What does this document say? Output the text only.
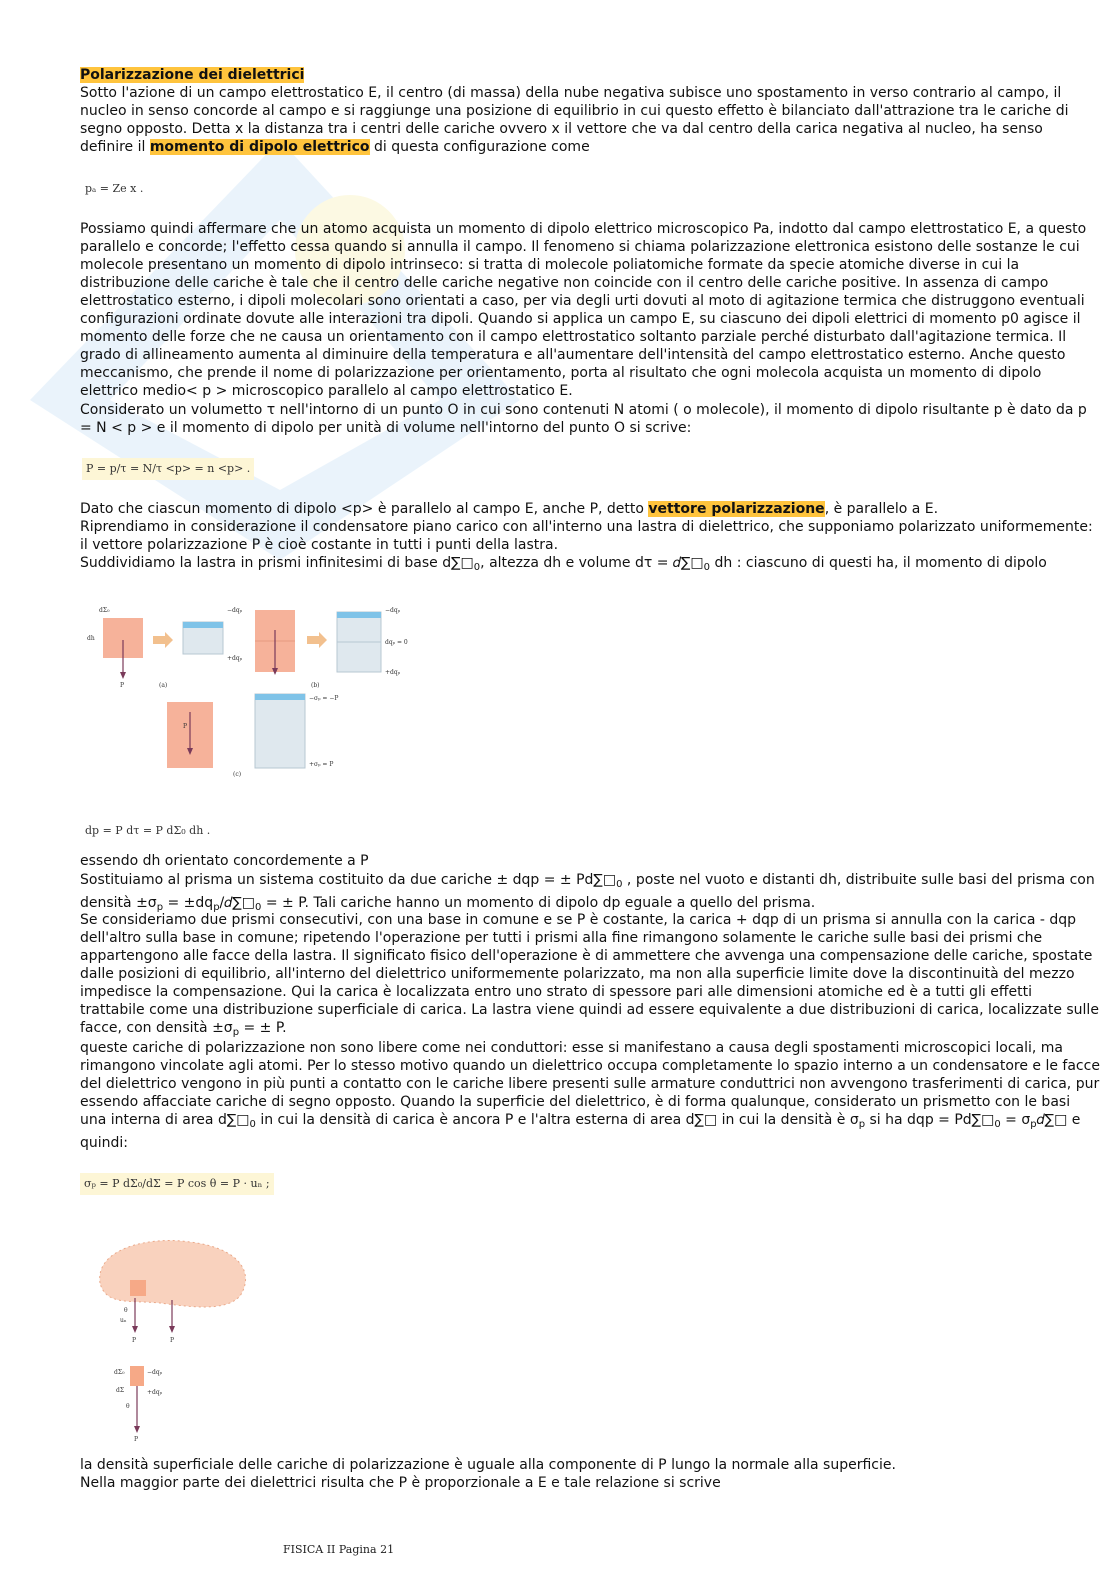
Polarizzazione dei dielettrici

Sotto l'azione di un campo elettrostatico E, il centro (di massa) della nube negativa subisce uno spostamento in verso contrario al campo, il nucleo in senso concorde al campo e si raggiunge una posizione di equilibrio in cui questo effetto è bilanciato dall'attrazione tra le cariche di segno opposto. Detta x la distanza tra i centri delle cariche ovvero x il vettore che va dal centro della carica negativa al nucleo, ha senso definire il momento di dipolo elettrico di questa configurazione come

pₐ = Ze x .

Possiamo quindi affermare che un atomo acquista un momento di dipolo elettrico microscopico Pa, indotto dal campo elettrostatico E, a questo parallelo e concorde; l'effetto cessa quando si annulla il campo. Il fenomeno si chiama polarizzazione elettronica esistono delle sostanze le cui molecole presentano un momento di dipolo intrinseco: si tratta di molecole poliatomiche formate da specie atomiche diverse in cui la distribuzione delle cariche è tale che il centro delle cariche negative non coincide con il centro delle cariche positive. In assenza di campo elettrostatico esterno, i dipoli molecolari sono orientati a caso, per via degli urti dovuti al moto di agitazione termica che distruggono eventuali configurazioni ordinate dovute alle interazioni tra dipoli. Quando si applica un campo E, su ciascuno dei dipoli elettrici di momento p0 agisce il momento delle forze che ne causa un orientamento con il campo elettrostatico soltanto parziale perché disturbato dall'agitazione termica. Il grado di allineamento aumenta al diminuire della temperatura e all'aumentare dell'intensità del campo elettrostatico esterno. Anche questo meccanismo, che prende il nome di polarizzazione per orientamento, porta al risultato che ogni molecola acquista un momento di dipolo elettrico medio< p > microscopico parallelo al campo elettrostatico E.

Considerato un volumetto τ nell'intorno di un punto O in cui sono contenuti N atomi ( o molecole), il momento di dipolo risultante p è dato da p = N < p > e il momento di dipolo per unità di volume nell'intorno del punto O si scrive:

P = p/τ = N/τ <p> = n <p> .

Dato che ciascun momento di dipolo <p> è parallelo al campo E, anche P, detto vettore polarizzazione, è parallelo a E.

Riprendiamo in considerazione il condensatore piano carico con all'interno una lastra di dielettrico, che supponiamo polarizzato uniformemente: il vettore polarizzazione P è cioè costante in tutti i punti della lastra.

Suddividiamo la lastra in prismi infinitesimi di base $d\sum□_0$, altezza dh e volume $d\tau = 𝑑\sum□_0$ dh : ciascuno di questi ha, il momento di dipolo

dΣ₀
dh
P
−dqₚ
+dqₚ
(a)
−dqₚ
dqₚ = 0
+dqₚ
(b)
P
−σₚ = −P
+σₚ = P
(c)
dp = P dτ = P dΣ₀ dh .

essendo dh orientato concordemente a P

Sostituiamo al prisma un sistema costituito da due cariche ± dqp = ± $Pd\sum□_0$ , poste nel vuoto e distanti dh, distribuite sulle basi del prisma con densità $\pm\sigma_p$ = $\pm dq_p/𝑑\sum□_0$ = ± P. Tali cariche hanno un momento di dipolo dp eguale a quello del prisma.

Se consideriamo due prismi consecutivi, con una base in comune e se P è costante, la carica + dqp di un prisma si annulla con la carica - dqp dell'altro sulla base in comune; ripetendo l'operazione per tutti i prismi alla fine rimangono solamente le cariche sulle basi dei prismi che appartengono alle facce della lastra. Il significato fisico dell'operazione è di ammettere che avvenga una compensazione delle cariche, spostate dalle posizioni di equilibrio, all'interno del dielettrico uniformemente polarizzato, ma non alla superficie limite dove la discontinuità del mezzo impedisce la compensazione. Qui la carica è localizzata entro uno strato di spessore pari alle dimensioni atomiche ed è a tutti gli effetti trattabile come una distribuzione superficiale di carica. La lastra viene quindi ad essere equivalente a due distribuzioni di carica, localizzate sulle facce, con densità $\pm\sigma_p$ = ± P.

queste cariche di polarizzazione non sono libere come nei conduttori: esse si manifestano a causa degli spostamenti microscopici locali, ma rimangono vincolate agli atomi. Per lo stesso motivo quando un dielettrico occupa completamente lo spazio interno a un condensatore e le facce del dielettrico vengono in più punti a contatto con le cariche libere presenti sulle armature conduttrici non avvengono trasferimenti di carica, pur essendo affacciate cariche di segno opposto. Quando la superficie del dielettrico, è di forma qualunque, considerato un prismetto con le basi una interna di area $d\sum□_0$ in cui la densità di carica è ancora P e l'altra esterna di area d∑□ in cui la densità è $\sigma_p$ si ha dqp = $Pd\sum□_0$ = $\sigma_p𝑑\sum□$ e quindi:

σₚ = P dΣ₀/dΣ = P cos θ = P · uₙ ;
P	P
θ
uₙ
P
dΣ₀
dΣ
−dqₚ
+dqₚ
θ

la densità superficiale delle cariche di polarizzazione è uguale alla componente di P lungo la normale alla superficie.

Nella maggior parte dei dielettrici risulta che P è proporzionale a E e tale relazione si scrive

FISICA II Pagina 21
